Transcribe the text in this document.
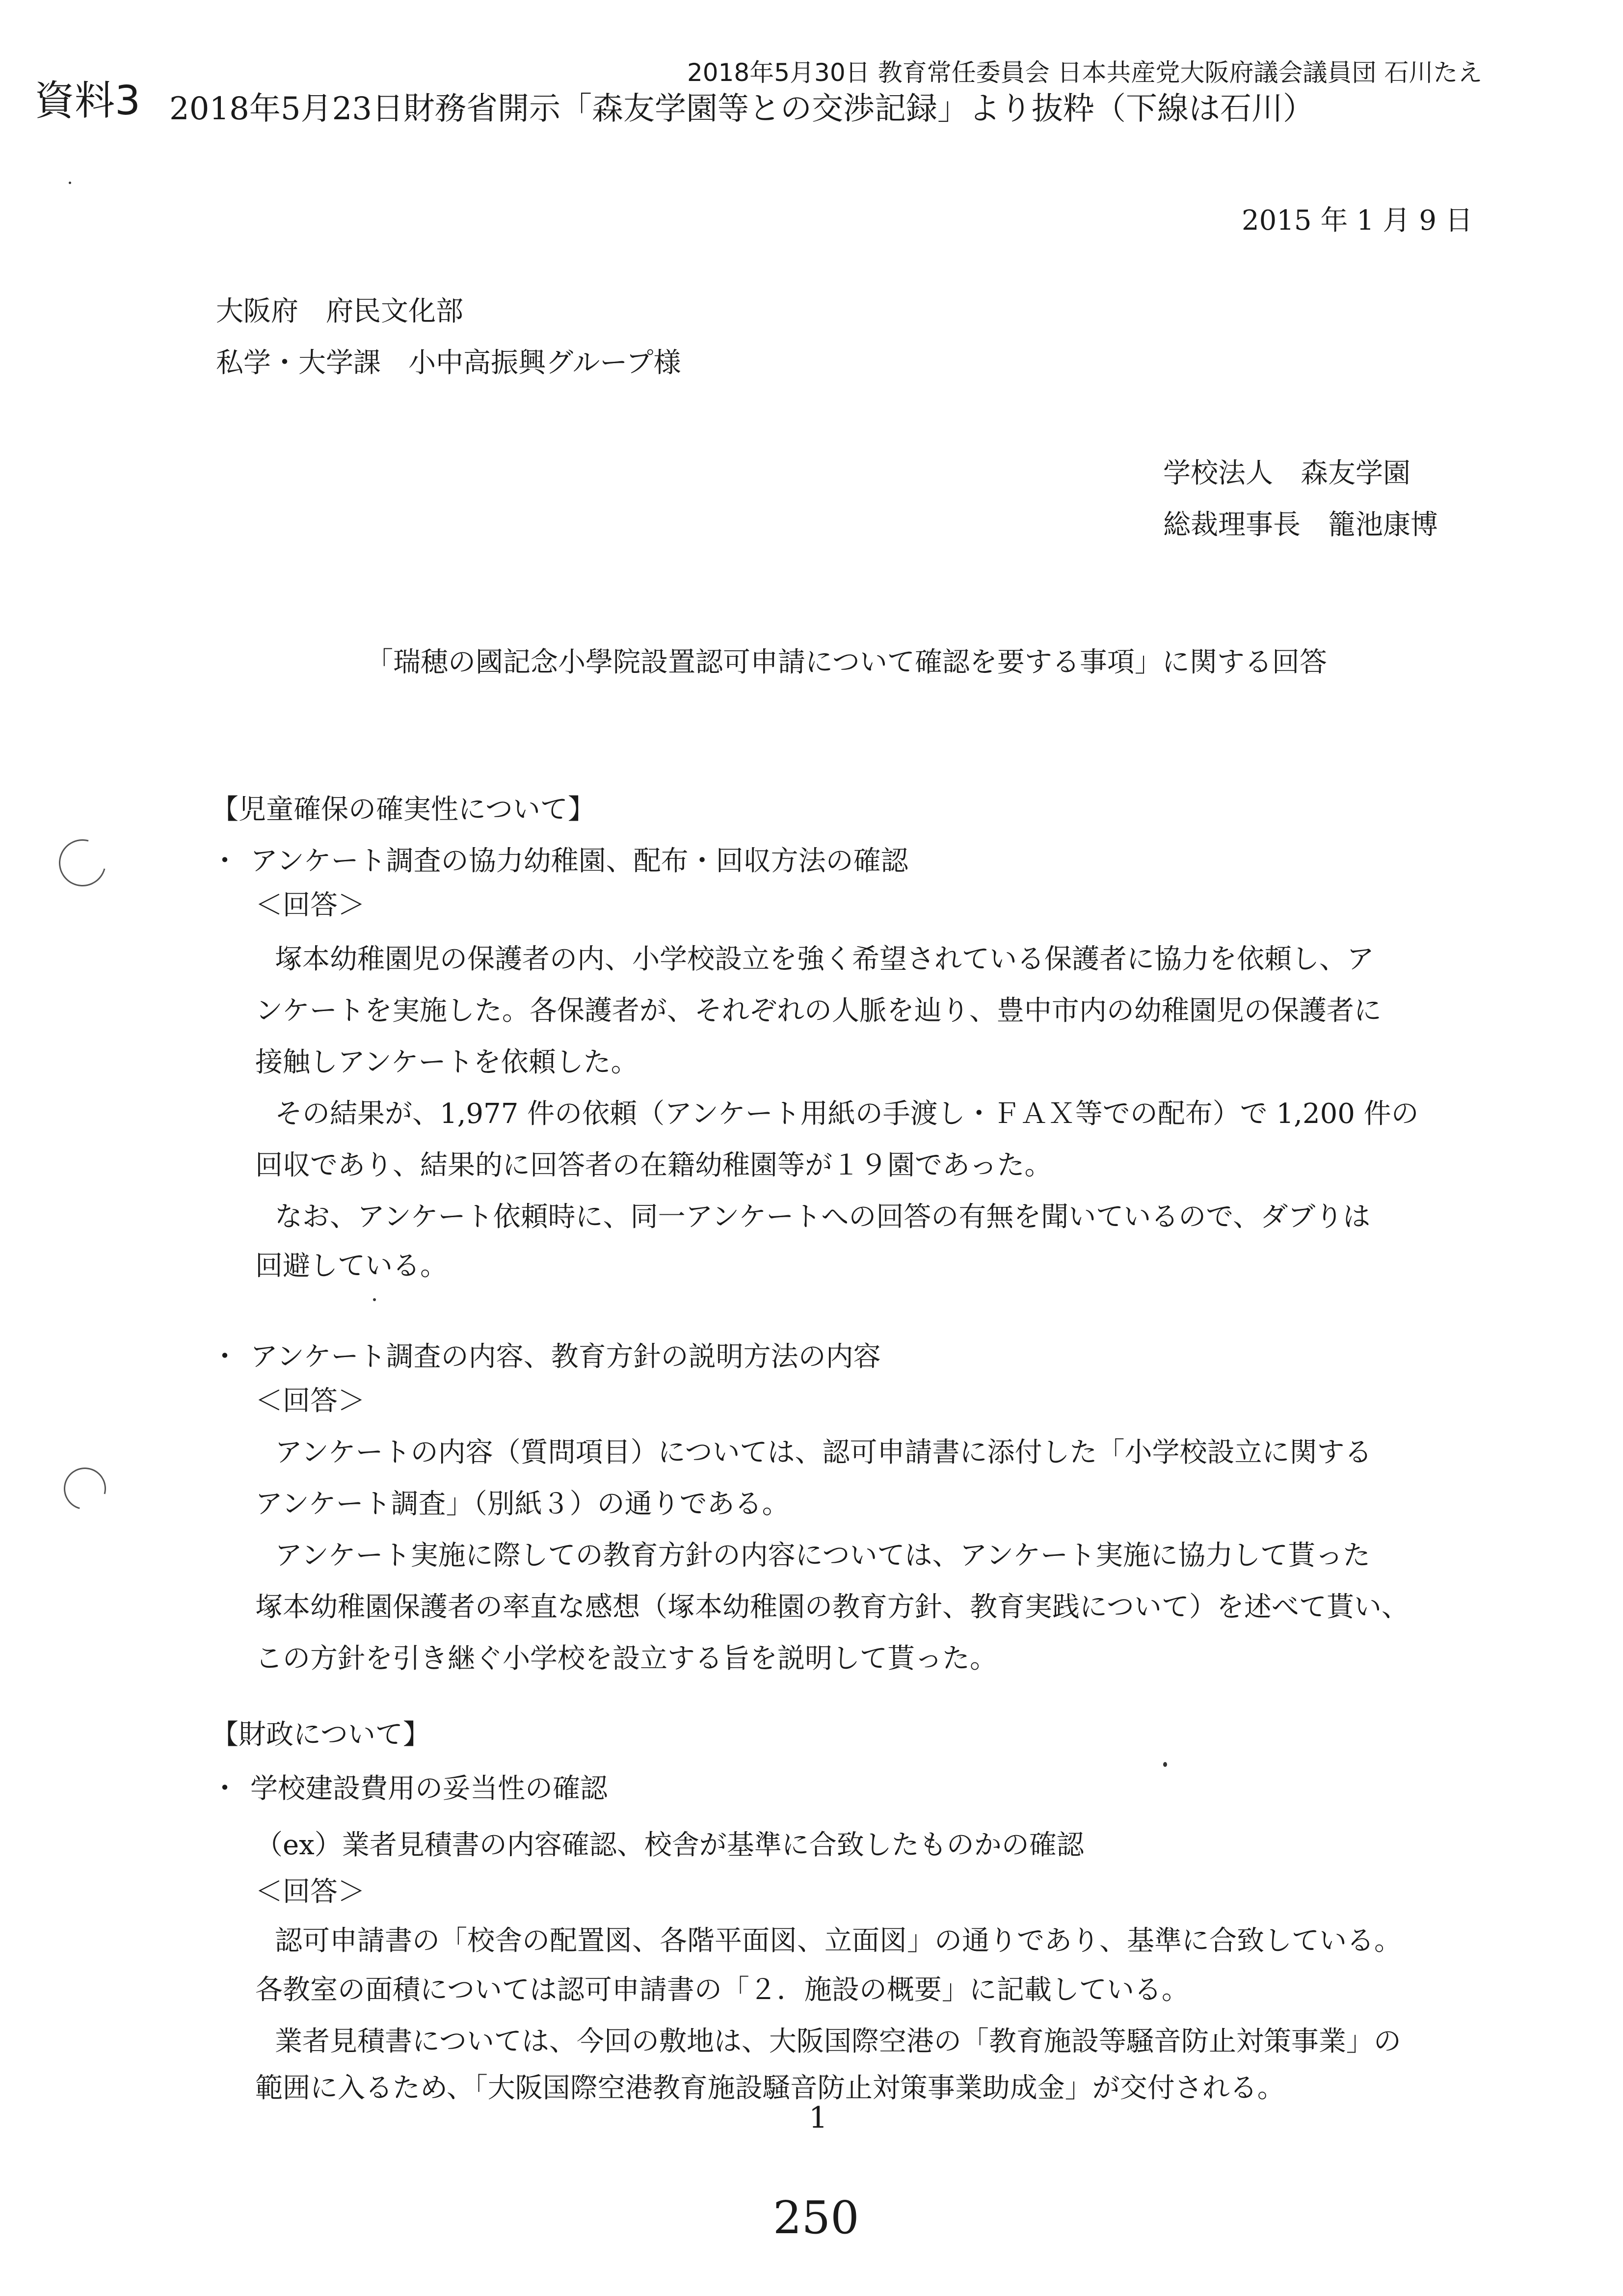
2018年5月30日 教育常任委員会 日本共産党大阪府議会議員団 石川たえ
資料3 2018年5月23日財務省開示「森友学園等との交渉記録」より抜粋（下線は石川）
2015 年 1 月 9 日
大阪府　府民文化部
私学・大学課　小中高振興グループ様
学校法人　森友学園
総裁理事長　籠池康博
「瑞穂の國記念小學院設置認可申請について確認を要する事項」に関する回答
【児童確保の確実性について】
・ アンケート調査の協力幼稚園、配布・回収方法の確認
＜回答＞
塚本幼稚園児の保護者の内、小学校設立を強く希望されている保護者に協力を依頼し、ア
ンケートを実施した。各保護者が、それぞれの人脈を辿り、豊中市内の幼稚園児の保護者に
接触しアンケートを依頼した。
その結果が、1,977 件の依頼（アンケート用紙の手渡し・ＦＡＸ等での配布）で 1,200 件の
回収であり、結果的に回答者の在籍幼稚園等が１９園であった。
なお、アンケート依頼時に、同一アンケートへの回答の有無を聞いているので、ダブりは
回避している。
・ アンケート調査の内容、教育方針の説明方法の内容
＜回答＞
アンケートの内容（質問項目）については、認可申請書に添付した「小学校設立に関する
アンケート調査」（別紙３）の通りである。
アンケート実施に際しての教育方針の内容については、アンケート実施に協力して貰った
塚本幼稚園保護者の率直な感想（塚本幼稚園の教育方針、教育実践について）を述べて貰い、
この方針を引き継ぐ小学校を設立する旨を説明して貰った。
【財政について】
・ 学校建設費用の妥当性の確認
（ex）業者見積書の内容確認、校舎が基準に合致したものかの確認
＜回答＞
認可申請書の「校舎の配置図、各階平面図、立面図」の通りであり、基準に合致している。
各教室の面積については認可申請書の「２．施設の概要」に記載している。
業者見積書については、今回の敷地は、大阪国際空港の「教育施設等騒音防止対策事業」の
範囲に入るため、「大阪国際空港教育施設騒音防止対策事業助成金」が交付される。
1
250
